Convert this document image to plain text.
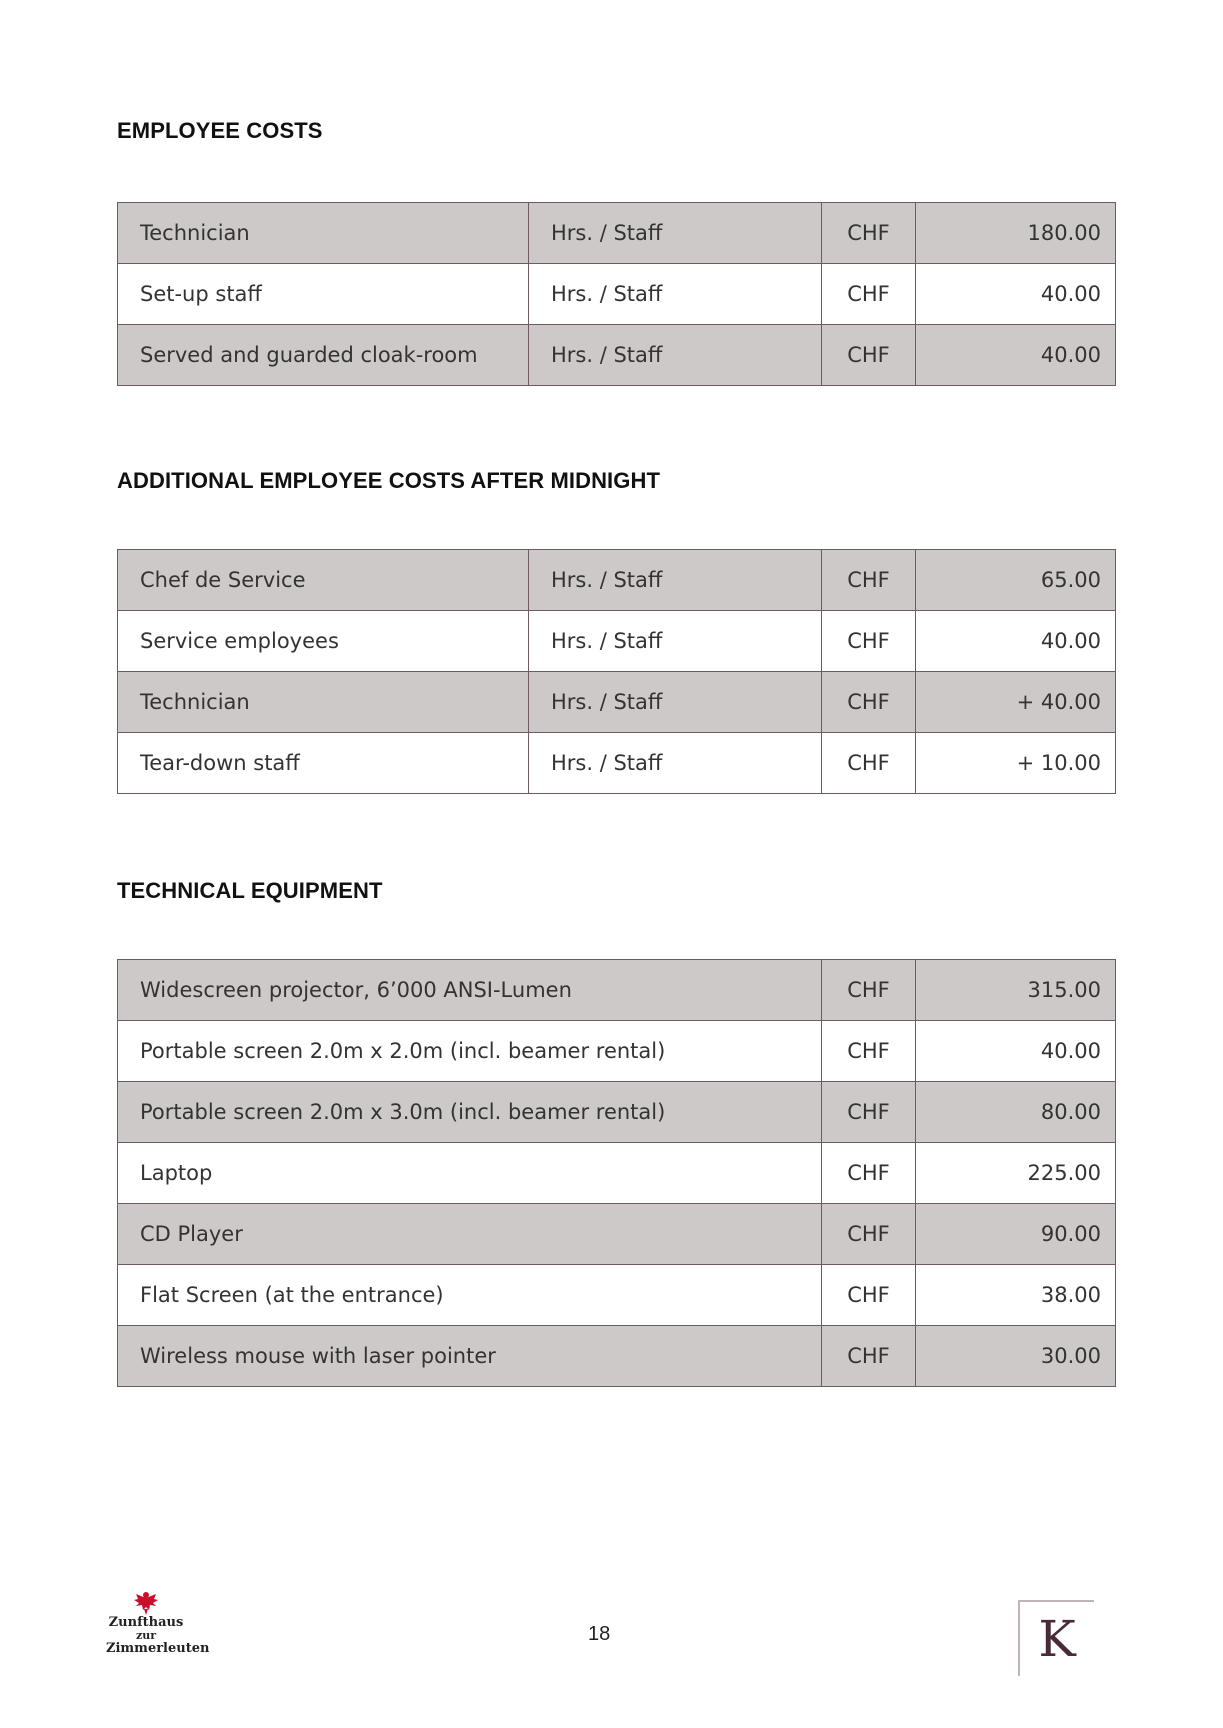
EMPLOYEE COSTS
Technician	Hrs. / Staff	CHF	180.00
Set-up staff	Hrs. / Staff	CHF	40.00
Served and guarded cloak-room	Hrs. / Staff	CHF	40.00
ADDITIONAL EMPLOYEE COSTS AFTER MIDNIGHT
Chef de Service	Hrs. / Staff	CHF	65.00
Service employees	Hrs. / Staff	CHF	40.00
Technician	Hrs. / Staff	CHF	+ 40.00
Tear-down staff	Hrs. / Staff	CHF	+ 10.00
TECHNICAL EQUIPMENT
Widescreen projector, 6’000 ANSI-Lumen	CHF	315.00
Portable screen 2.0m x 2.0m (incl. beamer rental)	CHF	40.00
Portable screen 2.0m x 3.0m (incl. beamer rental)	CHF	80.00
Laptop	CHF	225.00
CD Player	CHF	90.00
Flat Screen (at the entrance)	CHF	38.00
Wireless mouse with laser pointer	CHF	30.00
Zunfthaus
zur
Zimmerleuten
18	K
